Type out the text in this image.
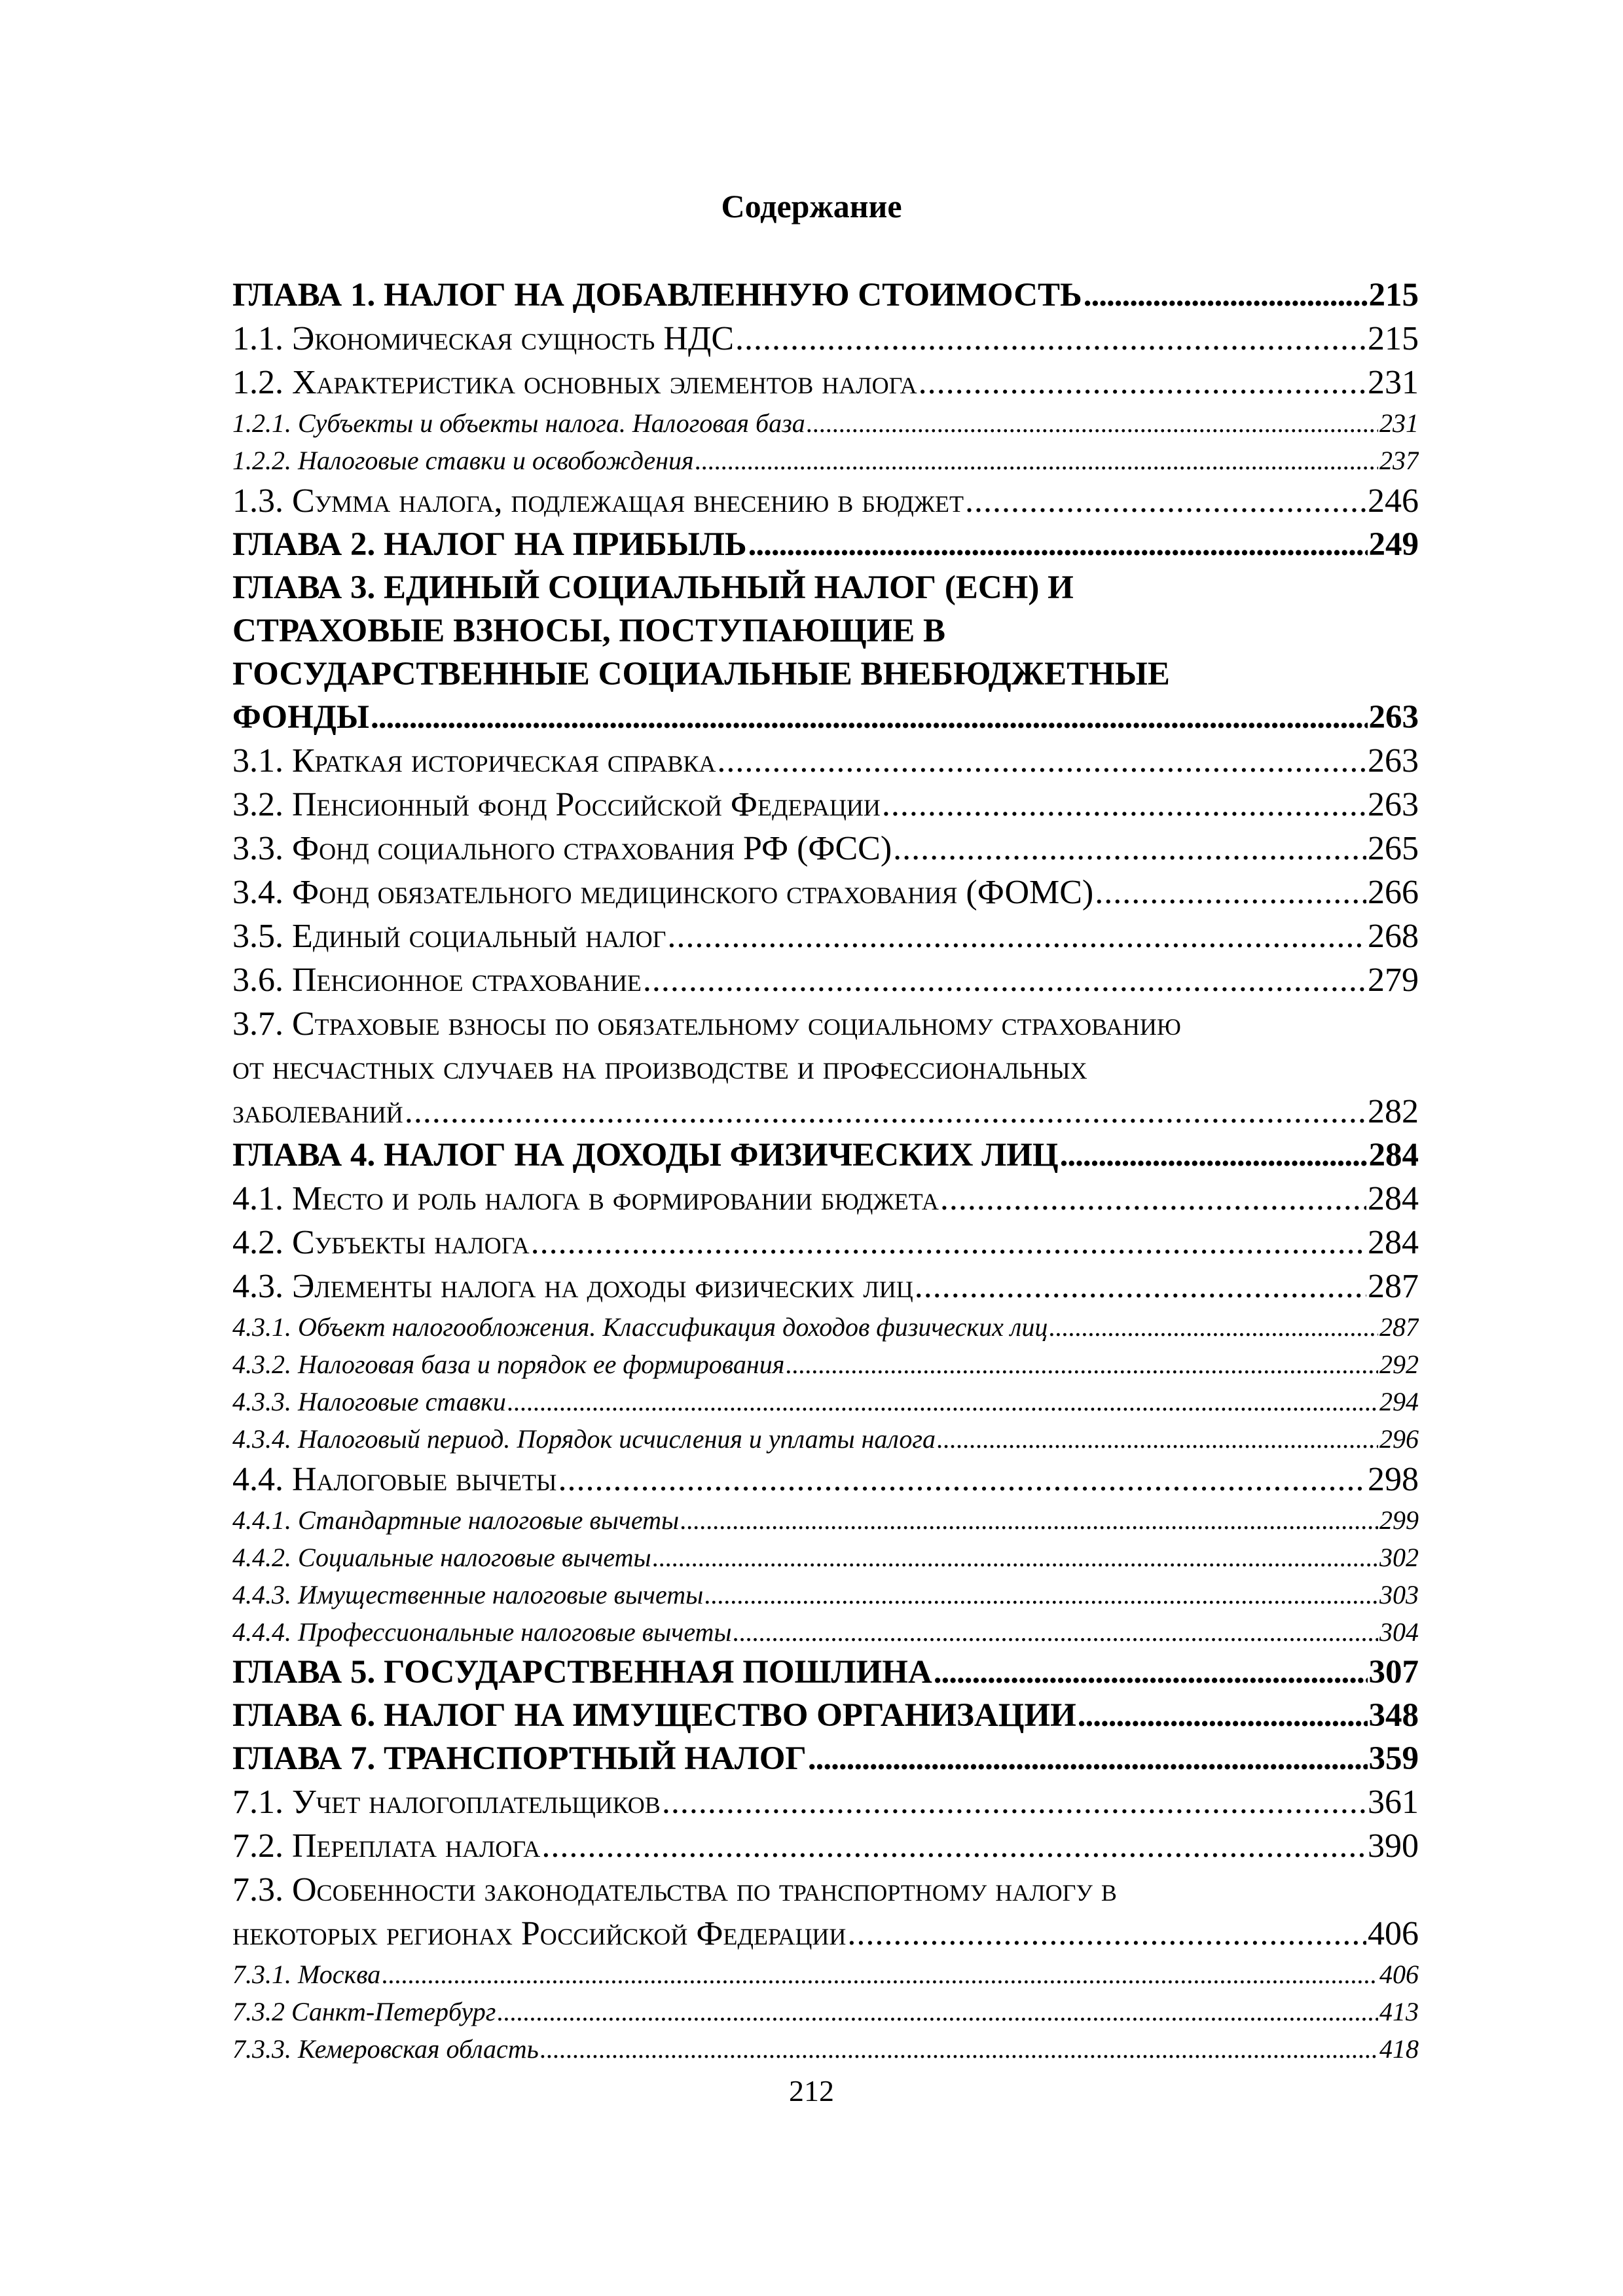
Содержание
ГЛАВА 1. НАЛОГ НА ДОБАВЛЕННУЮ СТОИМОСТЬ .....	215
1.1. Экономическая сущность НДС .....	215
1.2. Характеристика основных элементов налога .....	231
1.2.1. Субъекты и объекты налога. Налоговая база .....	231
1.2.2. Налоговые ставки и освобождения .....	237
1.3. Сумма налога, подлежащая внесению в бюджет .....	246
ГЛАВА 2. НАЛОГ НА ПРИБЫЛЬ .....	249
ГЛАВА 3. ЕДИНЫЙ СОЦИАЛЬНЫЙ НАЛОГ (ЕСН) И
СТРАХОВЫЕ ВЗНОСЫ, ПОСТУПАЮЩИЕ В
ГОСУДАРСТВЕННЫЕ СОЦИАЛЬНЫЕ ВНЕБЮДЖЕТНЫЕ
ФОНДЫ .....	263
3.1. Краткая историческая справка .....	263
3.2. Пенсионный фонд Российской Федерации .....	263
3.3. Фонд социального страхования РФ (ФСС) .....	265
3.4. Фонд обязательного медицинского страхования (ФОМС) .....	266
3.5. Единый социальный налог .....	268
3.6. Пенсионное страхование .....	279
3.7. Страховые взносы по обязательному социальному страхованию
от несчастных случаев на производстве и профессиональных
заболеваний .....	282
ГЛАВА 4. НАЛОГ НА ДОХОДЫ ФИЗИЧЕСКИХ ЛИЦ .....	284
4.1. Место и роль налога в формировании бюджета .....	284
4.2. Субъекты налога .....	284
4.3. Элементы налога на доходы физических лиц .....	287
4.3.1. Объект налогообложения. Классификация доходов физических лиц .....	287
4.3.2. Налоговая база и порядок ее формирования .....	292
4.3.3. Налоговые ставки .....	294
4.3.4. Налоговый период. Порядок исчисления и уплаты налога .....	296
4.4. Налоговые вычеты .....	298
4.4.1. Стандартные налоговые вычеты .....	299
4.4.2. Социальные налоговые вычеты .....	302
4.4.3. Имущественные налоговые вычеты .....	303
4.4.4. Профессиональные налоговые вычеты .....	304
ГЛАВА 5. ГОСУДАРСТВЕННАЯ ПОШЛИНА .....	307
ГЛАВА 6. НАЛОГ НА ИМУЩЕСТВО ОРГАНИЗАЦИИ .....	348
ГЛАВА 7. ТРАНСПОРТНЫЙ НАЛОГ .....	359
7.1. Учет налогоплательщиков .....	361
7.2. Переплата налога .....	390
7.3. Особенности законодательства по транспортному налогу в
некоторых регионах Российской Федерации .....	406
7.3.1. Москва .....	406
7.3.2 Санкт-Петербург .....	413
7.3.3. Кемеровская область .....	418
212
